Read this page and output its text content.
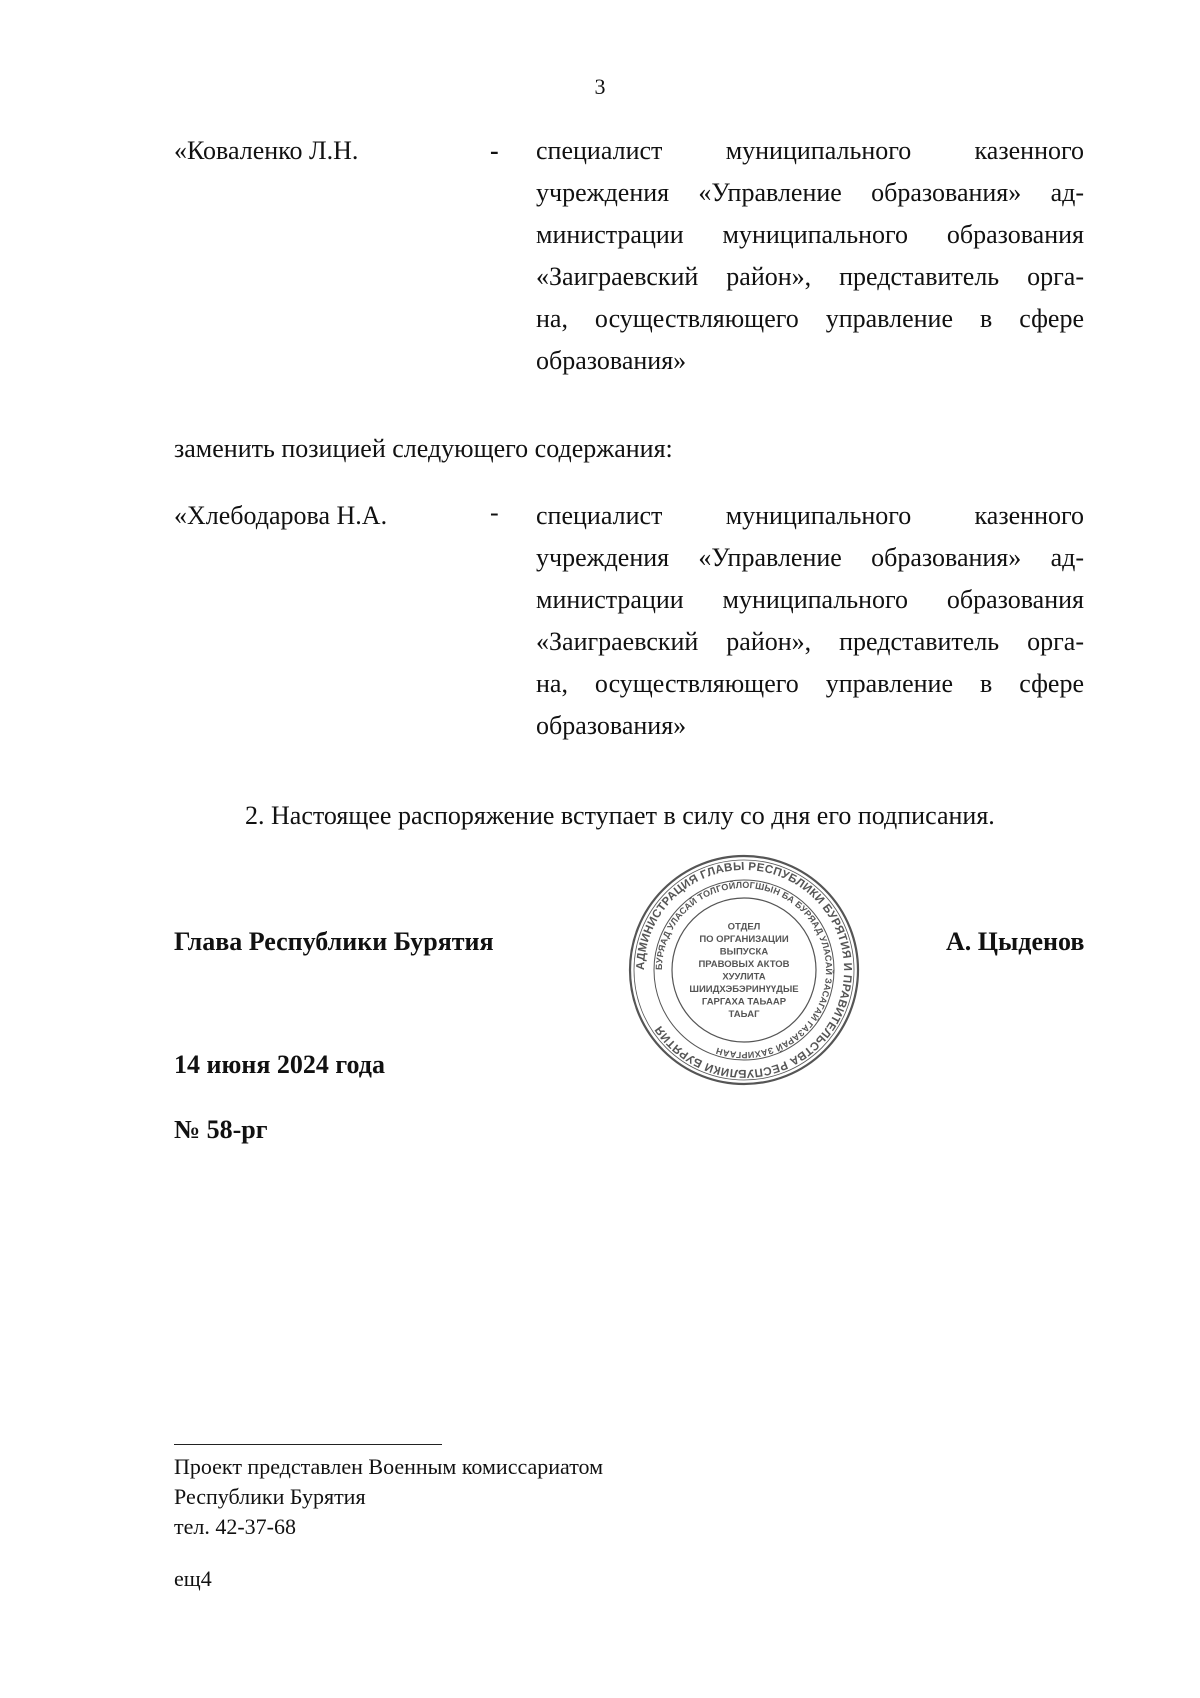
3
«Коваленко Л.Н.	- специалист муниципального казенного
учреждения «Управление образования» ад-
министрации муниципального образования
«Заиграевский район», представитель орга-
на, осуществляющего управление в сфере
образования»
заменить позицией следующего содержания:
«Хлебодарова Н.А.	- специалист муниципального казенного
учреждения «Управление образования» ад-
министрации муниципального образования
«Заиграевский район», представитель орга-
на, осуществляющего управление в сфере
образования»
2. Настоящее распоряжение вступает в силу со дня его подписания.
Глава Республики Бурятия	А. Цыденов
АДМИНИСТРАЦИЯ ГЛАВЫ РЕСПУБЛИКИ БУРЯТИЯ И ПРАВИТЕЛЬСТВА РЕСПУБЛИКИ БУРЯТИЯ
БУРЯАД УЛАСАЙ ТОЛГОЙЛОГШЫН БА БУРЯАД УЛАСАЙ ЗАСАГАЙ ГАЗАРАЙ ЗАХИРГААН
ОТДЕЛ
ПО ОРГАНИЗАЦИИ
ВЫПУСКА
ПРАВОВЫХ АКТОВ
ХУУЛИТА
ШИИДХЭБЭРИНҮҮДЫЕ
ГАРГАХА ТАЬААР
ТАЬАГ
14 июня 2024 года
№ 58-рг
Проект представлен Военным комиссариатом
Республики Бурятия
тел. 42-37-68
ещ4
